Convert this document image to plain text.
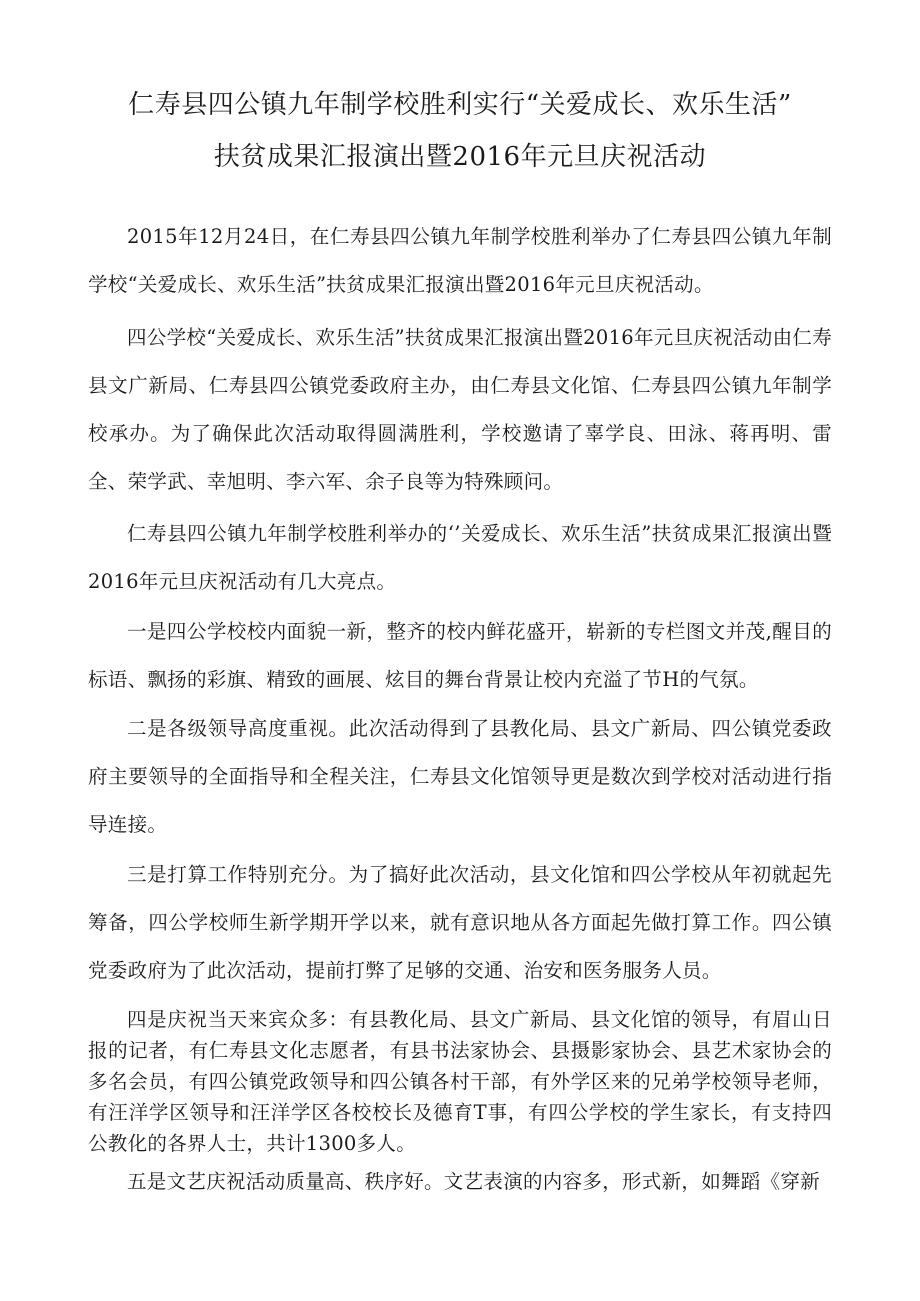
仁寿县四公镇九年制学校胜利实行“关爱成长、欢乐生活”
扶贫成果汇报演出暨2016年元旦庆祝活动

2015年12月24日，在仁寿县四公镇九年制学校胜利举办了仁寿县四公镇九年制学校“关爱成长、欢乐生活”扶贫成果汇报演出暨2016年元旦庆祝活动。

四公学校“关爱成长、欢乐生活”扶贫成果汇报演出暨2016年元旦庆祝活动由仁寿县文广新局、仁寿县四公镇党委政府主办，由仁寿县文化馆、仁寿县四公镇九年制学校承办。为了确保此次活动取得圆满胜利，学校邀请了辜学良、田泳、蒋再明、雷全、荣学武、幸旭明、李六军、余子良等为特殊顾问。

仁寿县四公镇九年制学校胜利举办的‘’关爱成长、欢乐生活”扶贫成果汇报演出暨2016年元旦庆祝活动有几大亮点。

一是四公学校校内面貌一新，整齐的校内鲜花盛开，崭新的专栏图文并茂,醒目的标语、飘扬的彩旗、精致的画展、炫目的舞台背景让校内充溢了节H的气氛。

二是各级领导高度重视。此次活动得到了县教化局、县文广新局、四公镇党委政府主要领导的全面指导和全程关注，仁寿县文化馆领导更是数次到学校对活动进行指导连接。

三是打算工作特别充分。为了搞好此次活动，县文化馆和四公学校从年初就起先筹备，四公学校师生新学期开学以来，就有意识地从各方面起先做打算工作。四公镇党委政府为了此次活动，提前打弊了足够的交通、治安和医务服务人员。

四是庆祝当天来宾众多：有县教化局、县文广新局、县文化馆的领导，有眉山日报的记者，有仁寿县文化志愿者，有县书法家协会、县摄影家协会、县艺术家协会的多名会员，有四公镇党政领导和四公镇各村干部，有外学区来的兄弟学校领导老师，有汪洋学区领导和汪洋学区各校校长及德育T事，有四公学校的学生家长，有支持四公教化的各界人士，共计1300多人。

五是文艺庆祝活动质量高、秩序好。文艺表演的内容多，形式新，如舞蹈《穿新
